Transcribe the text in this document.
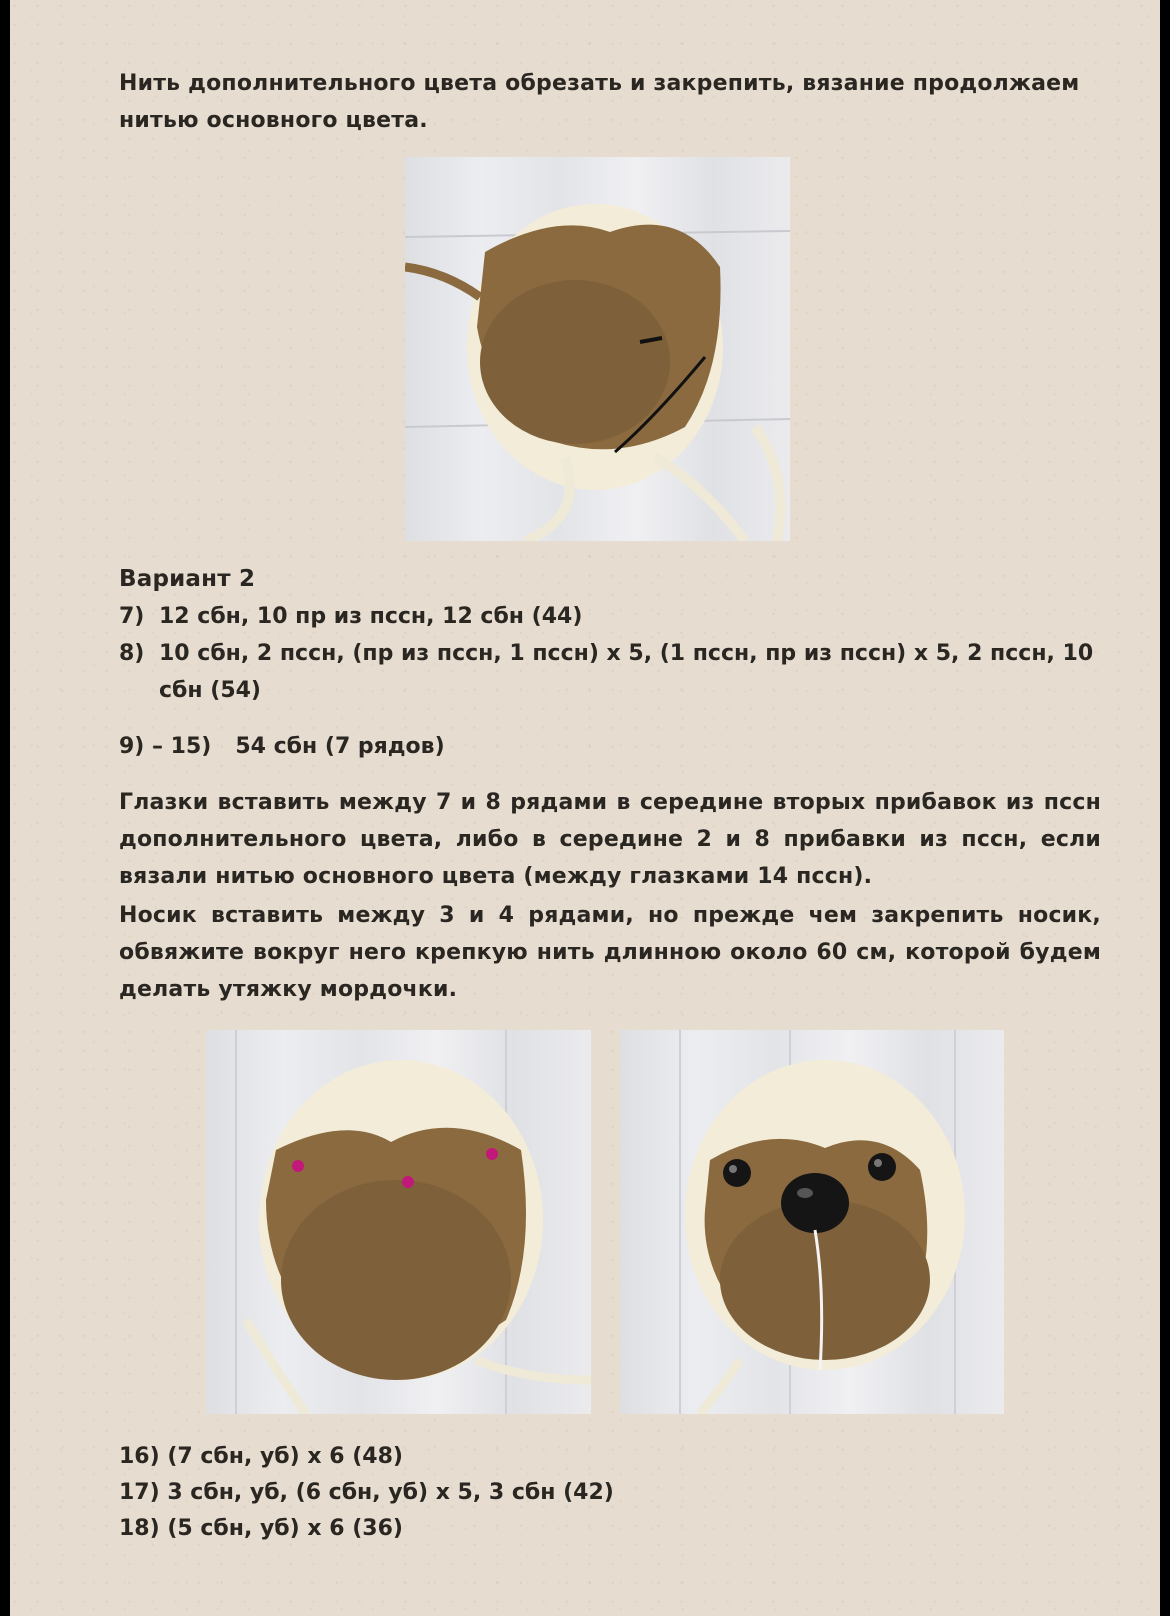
Нить дополнительного цвета обрезать и закрепить, вязание продолжаем нитью основного цвета.
Вариант 2
7) 12 сбн, 10 пр из пссн, 12 сбн (44)
8) 10 сбн, 2 пссн, (пр из пссн, 1 пссн) х 5, (1 пссн, пр из пссн) х 5, 2 пссн, 10
сбн (54)
9) – 15) 54 сбн (7 рядов)
Глазки вставить между 7 и 8 рядами в середине вторых прибавок из пссн дополнительного цвета, либо в середине 2 и 8 прибавки из пссн, если вязали нитью основного цвета (между глазками 14 пссн).
Носик вставить между 3 и 4 рядами, но прежде чем закрепить носик, обвяжите вокруг него крепкую нить длинною около 60 см, которой будем делать утяжку мордочки.
16) (7 сбн, уб) х 6 (48)
17) 3 сбн, уб, (6 сбн, уб) х 5, 3 сбн (42)
18) (5 сбн, уб) х 6 (36)
